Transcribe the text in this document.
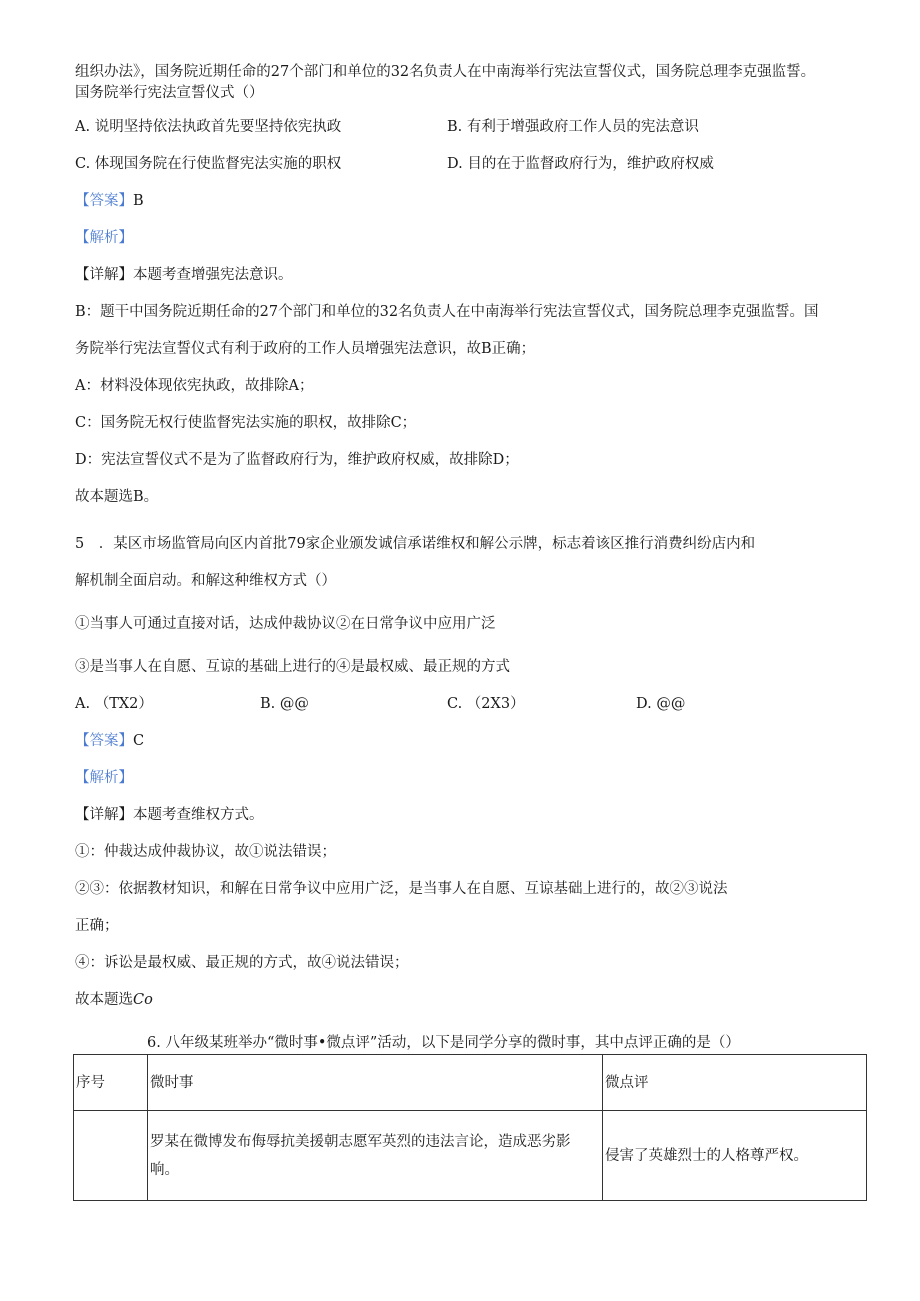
组织办法》，国务院近期任命的27个部门和单位的32名负责人在中南海举行宪法宣誓仪式，国务院总理李克强监誓。
国务院举行宪法宣誓仪式（）
A. 说明坚持依法执政首先要坚持依宪执政	B. 有利于增强政府工作人员的宪法意识
C. 体现国务院在行使监督宪法实施的职权	D. 目的在于监督政府行为，维护政府权威
【答案】B
【解析】
【详解】本题考查增强宪法意识。
B：题干中国务院近期任命的27个部门和单位的32名负责人在中南海举行宪法宣誓仪式，国务院总理李克强监誓。国
务院举行宪法宣誓仪式有利于政府的工作人员增强宪法意识，故B正确；
A：材料没体现依宪执政，故排除A；
C：国务院无权行使监督宪法实施的职权，故排除C；
D：宪法宣誓仪式不是为了监督政府行为，维护政府权威，故排除D；
故本题选B。
5　．某区市场监管局向区内首批79家企业颁发诚信承诺维权和解公示牌，标志着该区推行消费纠纷店内和
解机制全面启动。和解这种维权方式（）
①当事人可通过直接对话，达成仲裁协议②在日常争议中应用广泛
③是当事人在自愿、互谅的基础上进行的④是最权威、最正规的方式
A. （TX2）	B. @@	C. （2X3）	D. @@
【答案】C
【解析】
【详解】本题考查维权方式。
①：仲裁达成仲裁协议，故①说法错误；
②③：依据教材知识，和解在日常争议中应用广泛，是当事人在自愿、互谅基础上进行的，故②③说法
正确；
④：诉讼是最权威、最正规的方式，故④说法错误；
故本题选Co
6. 八年级某班举办“微时事•微点评”活动，以下是同学分享的微时事，其中点评正确的是（）
序号	微时事	微点评

	罗某在微博发布侮辱抗美援朝志愿军英烈的违法言论，造成恶劣影
响。	侵害了英雄烈士的人格尊严权。
